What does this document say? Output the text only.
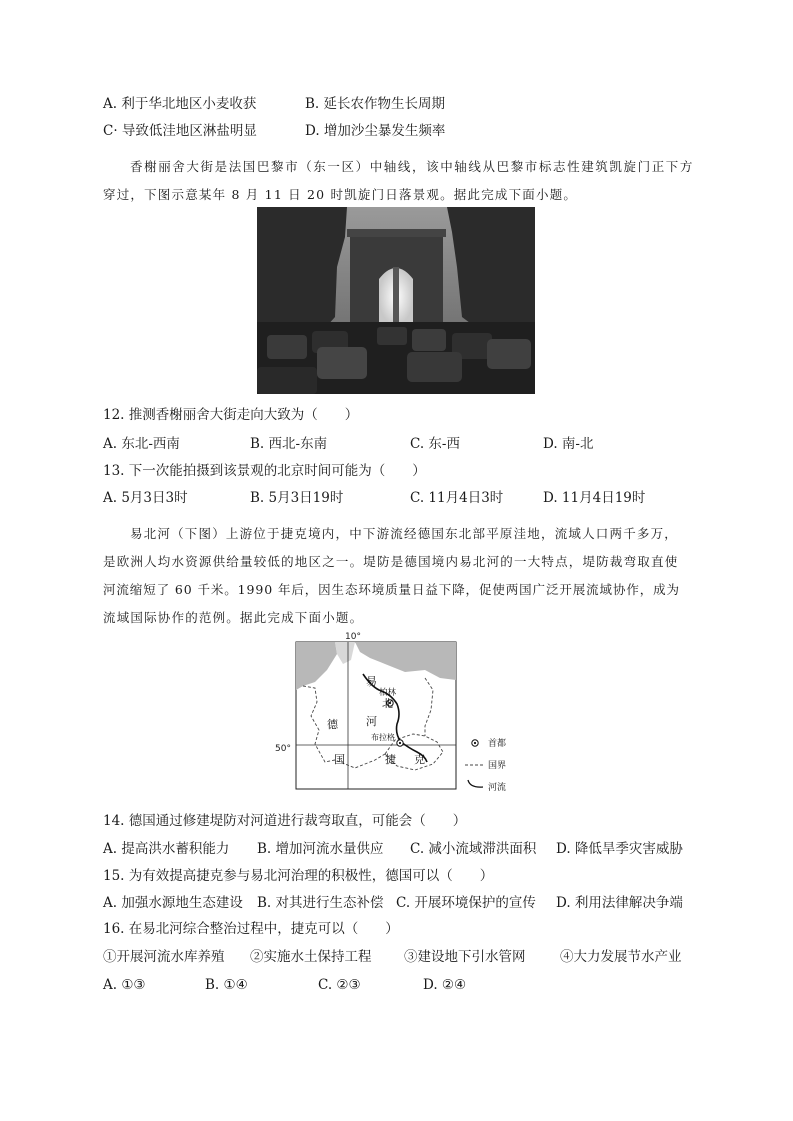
A. 利于华北地区小麦收获	B. 延长农作物生长周期
C· 导致低洼地区淋盐明显	D. 增加沙尘暴发生频率
香榭丽舍大街是法国巴黎市（东一区）中轴线，该中轴线从巴黎市标志性建筑凯旋门正下方
穿过，下图示意某年 8 月 11 日 20 时凯旋门日落景观。据此完成下面小题。
12. 推测香榭丽舍大街走向大致为（　　）
A. 东北-西南	B. 西北-东南	C. 东-西	D. 南-北
13. 下一次能拍摄到该景观的北京时间可能为（　　）
A. 5月3日3时	B. 5月3日19时	C. 11月4日3时	D. 11月4日19时
易北河（下图）上游位于捷克境内，中下游流经德国东北部平原洼地，流域人口两千多万，
是欧洲人均水资源供给量较低的地区之一。堤防是德国境内易北河的一大特点，堤防裁弯取直使
河流缩短了 60 千米。1990 年后，因生态环境质量日益下降，促使两国广泛开展流域协作，成为
流域国际协作的范例。据此完成下面小题。
10°
50°
柏林
布拉格
易
北
河
德
国	捷 克
首都
国界
河流
14. 德国通过修建堤防对河道进行裁弯取直，可能会（　　）
A. 提高洪水蓄积能力 B. 增加河流水量供应 C. 减小流域滞洪面积 D. 降低旱季灾害威胁
15. 为有效提高捷克参与易北河治理的积极性，德国可以（　　）
A. 加强水源地生态建设 B. 对其进行生态补偿 C. 开展环境保护的宣传 D. 利用法律解决争端
16. 在易北河综合整治过程中，捷克可以（　　）
①开展河流水库养殖 ②实施水土保持工程 ③建设地下引水管网	④大力发展节水产业
A. ①③	B. ①④	C. ②③	D. ②④
